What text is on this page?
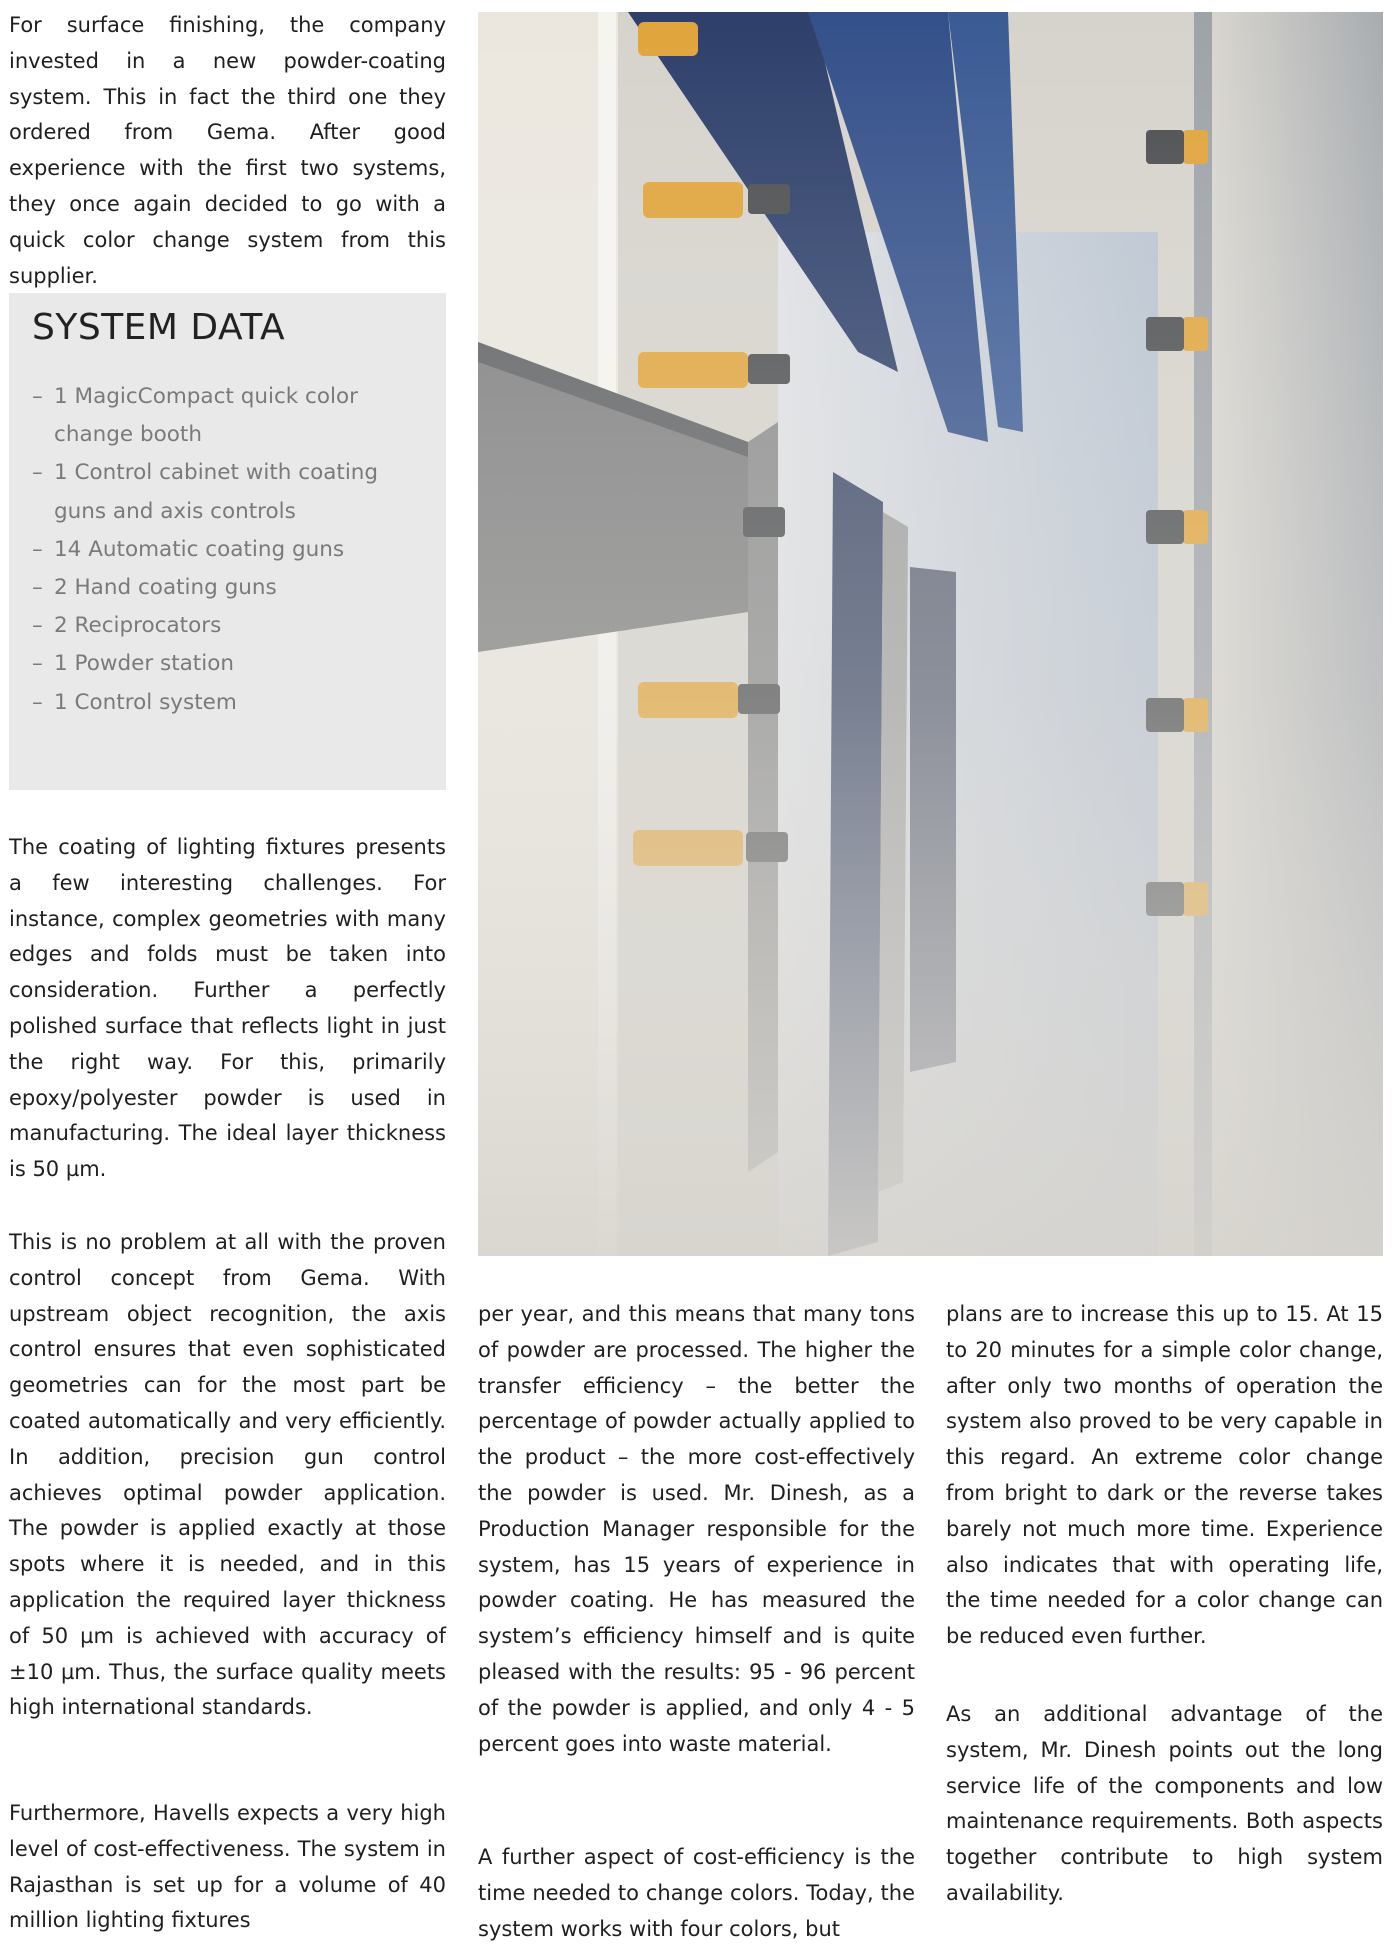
For surface finishing, the company invested in a new powder-coating system. This in fact the third one they ordered from Gema. After good experience with the first two systems, they once again decided to go with a quick color change system from this supplier.

SYSTEM DATA
– 1 MagicCompact quick color change booth
– 1 Control cabinet with coating guns and axis controls
– 14 Automatic coating guns
– 2 Hand coating guns
– 2 Reciprocators
– 1 Powder station
– 1 Control system

The coating of lighting fixtures presents a few interesting challenges. For instance, complex geometries with many edges and folds must be taken into consideration. Further a perfectly polished surface that reflects light in just the right way. For this, primarily epoxy/polyester powder is used in manufacturing. The ideal layer thickness is 50 µm.

This is no problem at all with the proven control concept from Gema. With upstream object recognition, the axis control ensures that even sophisticated geometries can for the most part be coated automatically and very efficiently. In addition, precision gun control achieves optimal powder application. The powder is applied exactly at those spots where it is needed, and in this application the required layer thickness of 50 µm is achieved with accuracy of ±10 µm. Thus, the surface quality meets high international standards.

Furthermore, Havells expects a very high level of cost-effectiveness. The system in Rajasthan is set up for a volume of 40 million lighting fixtures

per year, and this means that many tons of powder are processed. The higher the transfer efficiency – the better the percentage of powder actually applied to the product – the more cost-effectively the powder is used. Mr. Dinesh, as a Production Manager responsible for the system, has 15 years of experience in powder coating. He has measured the system’s efficiency himself and is quite pleased with the results: 95 - 96 percent of the powder is applied, and only 4 - 5 percent goes into waste material.

A further aspect of cost-efficiency is the time needed to change colors. Today, the system works with four colors, but

plans are to increase this up to 15. At 15 to 20 minutes for a simple color change, after only two months of operation the system also proved to be very capable in this regard. An extreme color change from bright to dark or the reverse takes barely not much more time. Experience also indicates that with operating life, the time needed for a color change can be reduced even further.

As an additional advantage of the system, Mr. Dinesh points out the long service life of the components and low maintenance requirements. Both aspects together contribute to high system availability.
